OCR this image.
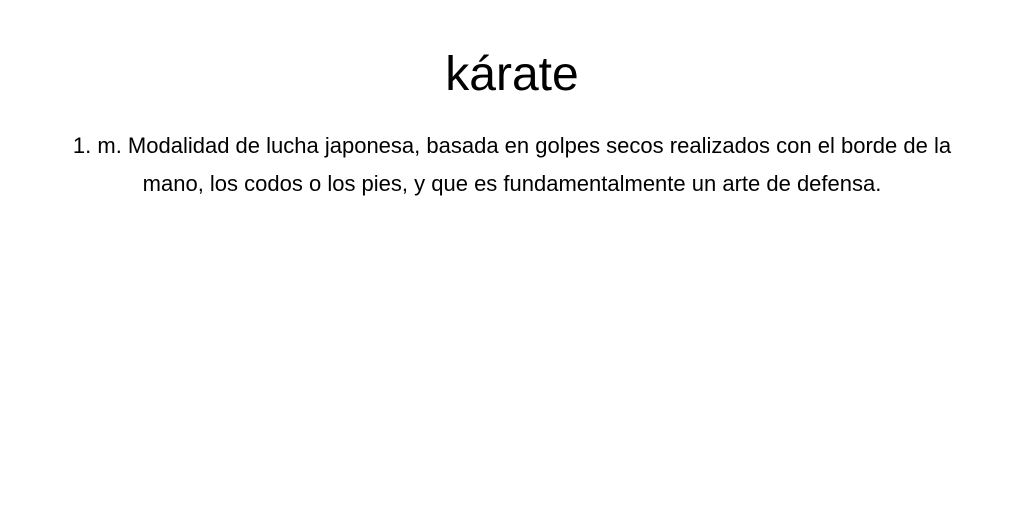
kárate

1. m. Modalidad de lucha japonesa, basada en golpes secos realizados con el borde de la mano, los codos o los pies, y que es fundamentalmente un arte de defensa.
